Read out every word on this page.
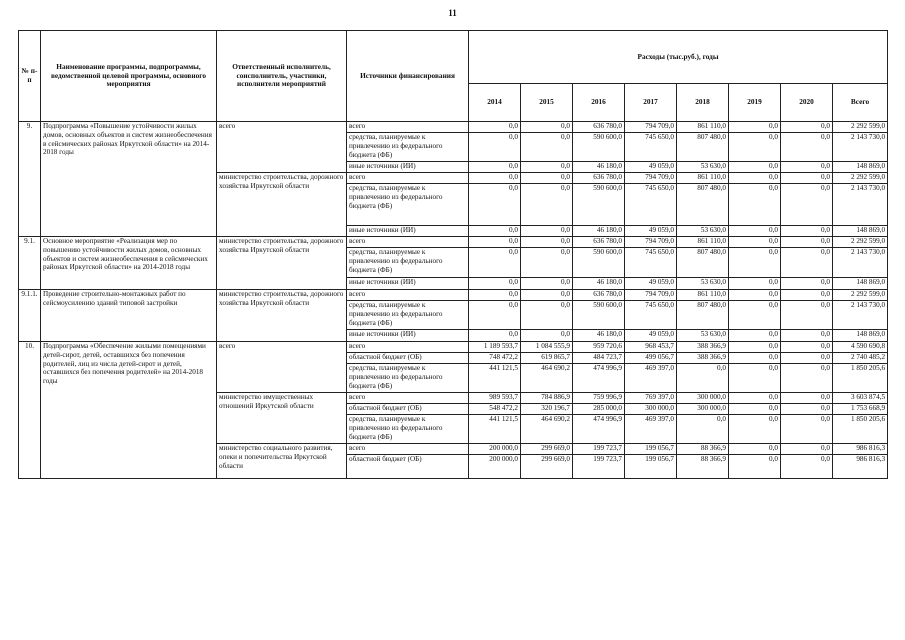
11
№ п-п	Наименование программы, подпрограммы, ведомственной целевой программы, основного мероприятия	Ответственный исполнитель, соисполнитель, участники, исполнители мероприятий	Источники финансирования	Расходы (тыс.руб.), годы							
				2014	2015	2016	2017	2018	2019	2020	Всего
9.	Подпрограмма «Повышение устойчивости жилых домов, основных объектов и систем жизнеобеспечения в сейсмических районах Иркутской области» на 2014-2018 годы	всего	всего	0,0	0,0	636 780,0	794 709,0	861 110,0	0,0	0,0	2 292 599,0
			средства, планируемые к привлечению из федерального бюджета (ФБ)	0,0	0,0	590 600,0	745 650,0	807 480,0	0,0	0,0	2 143 730,0
			иные источники (ИИ)	0,0	0,0	46 180,0	49 059,0	53 630,0	0,0	0,0	148 869,0
		министерство строительства, дорожного хозяйства Иркутской области	всего	0,0	0,0	636 780,0	794 709,0	861 110,0	0,0	0,0	2 292 599,0
			средства, планируемые к привлечению из федерального бюджета (ФБ)	0,0	0,0	590 600,0	745 650,0	807 480,0	0,0	0,0	2 143 730,0
			иные источники (ИИ)	0,0	0,0	46 180,0	49 059,0	53 630,0	0,0	0,0	148 869,0
9.1.	Основное мероприятие «Реализация мер по повышению устойчивости жилых домов, основных объектов и систем жизнеобеспечения в сейсмических районах Иркутской области» на 2014-2018 годы	министерство строительства, дорожного хозяйства Иркутской области	всего	0,0	0,0	636 780,0	794 709,0	861 110,0	0,0	0,0	2 292 599,0
			средства, планируемые к привлечению из федерального бюджета (ФБ)	0,0	0,0	590 600,0	745 650,0	807 480,0	0,0	0,0	2 143 730,0
			иные источники (ИИ)	0,0	0,0	46 180,0	49 059,0	53 630,0	0,0	0,0	148 869,0
9.1.1.	Проведение строительно-монтажных работ по сейсмоусилению зданий типовой застройки	министерство строительства, дорожного хозяйства Иркутской области	всего	0,0	0,0	636 780,0	794 709,0	861 110,0	0,0	0,0	2 292 599,0
			средства, планируемые к привлечению из федерального бюджета (ФБ)	0,0	0,0	590 600,0	745 650,0	807 480,0	0,0	0,0	2 143 730,0
			иные источники (ИИ)	0,0	0,0	46 180,0	49 059,0	53 630,0	0,0	0,0	148 869,0
10.	Подпрограмма «Обеспечение жилыми помещениями детей-сирот, детей, оставшихся без попечения родителей, лиц из числа детей-сирот и детей, оставшихся без попечения родителей» на 2014-2018 годы	всего	всего	1 189 593,7	1 084 555,9	959 720,6	968 453,7	388 366,9	0,0	0,0	4 590 690,8
			областной бюджет (ОБ)	748 472,2	619 865,7	484 723,7	499 056,7	388 366,9	0,0	0,0	2 740 485,2
			средства, планируемые к привлечению из федерального бюджета (ФБ)	441 121,5	464 690,2	474 996,9	469 397,0	0,0	0,0	0,0	1 850 205,6
		министерство имущественных отношений Иркутской области	всего	989 593,7	784 886,9	759 996,9	769 397,0	300 000,0	0,0	0,0	3 603 874,5
			областной бюджет (ОБ)	548 472,2	320 196,7	285 000,0	300 000,0	300 000,0	0,0	0,0	1 753 668,9
			средства, планируемые к привлечению из федерального бюджета (ФБ)	441 121,5	464 690,2	474 996,9	469 397,0	0,0	0,0	0,0	1 850 205,6
		министерство социального развития, опеки и попечительства Иркутской области	всего	200 000,0	299 669,0	199 723,7	199 056,7	88 366,9	0,0	0,0	986 816,3
			областной бюджет (ОБ)	200 000,0	299 669,0	199 723,7	199 056,7	88 366,9	0,0	0,0	986 816,3
